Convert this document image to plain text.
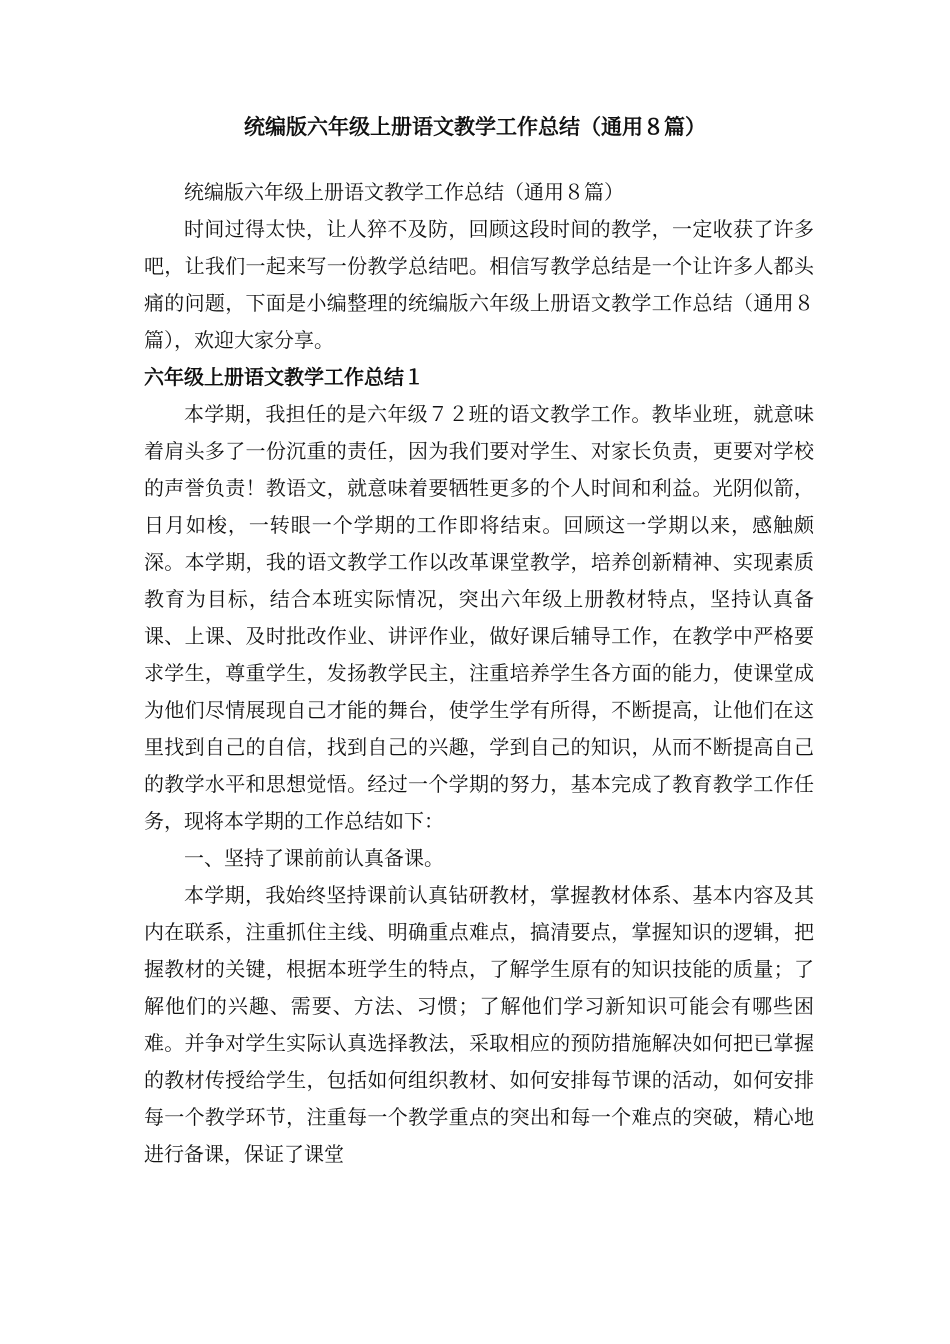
统编版六年级上册语文教学工作总结（通用８篇）

统编版六年级上册语文教学工作总结（通用８篇）

时间过得太快，让人猝不及防，回顾这段时间的教学，一定收获了许多吧，让我们一起来写一份教学总结吧。相信写教学总结是一个让许多人都头痛的问题，下面是小编整理的统编版六年级上册语文教学工作总结（通用８篇），欢迎大家分享。

六年级上册语文教学工作总结１

本学期，我担任的是六年级７２班的语文教学工作。教毕业班，就意味着肩头多了一份沉重的责任，因为我们要对学生、对家长负责，更要对学校的声誉负责！教语文，就意味着要牺牲更多的个人时间和利益。光阴似箭，日月如梭，一转眼一个学期的工作即将结束。回顾这一学期以来，感触颇深。本学期，我的语文教学工作以改革课堂教学，培养创新精神、实现素质教育为目标，结合本班实际情况，突出六年级上册教材特点，坚持认真备课、上课、及时批改作业、讲评作业，做好课后辅导工作，在教学中严格要求学生，尊重学生，发扬教学民主，注重培养学生各方面的能力，使课堂成为他们尽情展现自己才能的舞台，使学生学有所得，不断提高，让他们在这里找到自己的自信，找到自己的兴趣，学到自己的知识，从而不断提高自己的教学水平和思想觉悟。经过一个学期的努力，基本完成了教育教学工作任务，现将本学期的工作总结如下：

一、坚持了课前前认真备课。

本学期，我始终坚持课前认真钻研教材，掌握教材体系、基本内容及其内在联系，注重抓住主线、明确重点难点，搞清要点，掌握知识的逻辑，把握教材的关键，根据本班学生的特点，了解学生原有的知识技能的质量；了解他们的兴趣、需要、方法、习惯；了解他们学习新知识可能会有哪些困难。并争对学生实际认真选择教法，采取相应的预防措施解决如何把已掌握的教材传授给学生，包括如何组织教材、如何安排每节课的活动，如何安排每一个教学环节，注重每一个教学重点的突出和每一个难点的突破，精心地进行备课，保证了课堂
